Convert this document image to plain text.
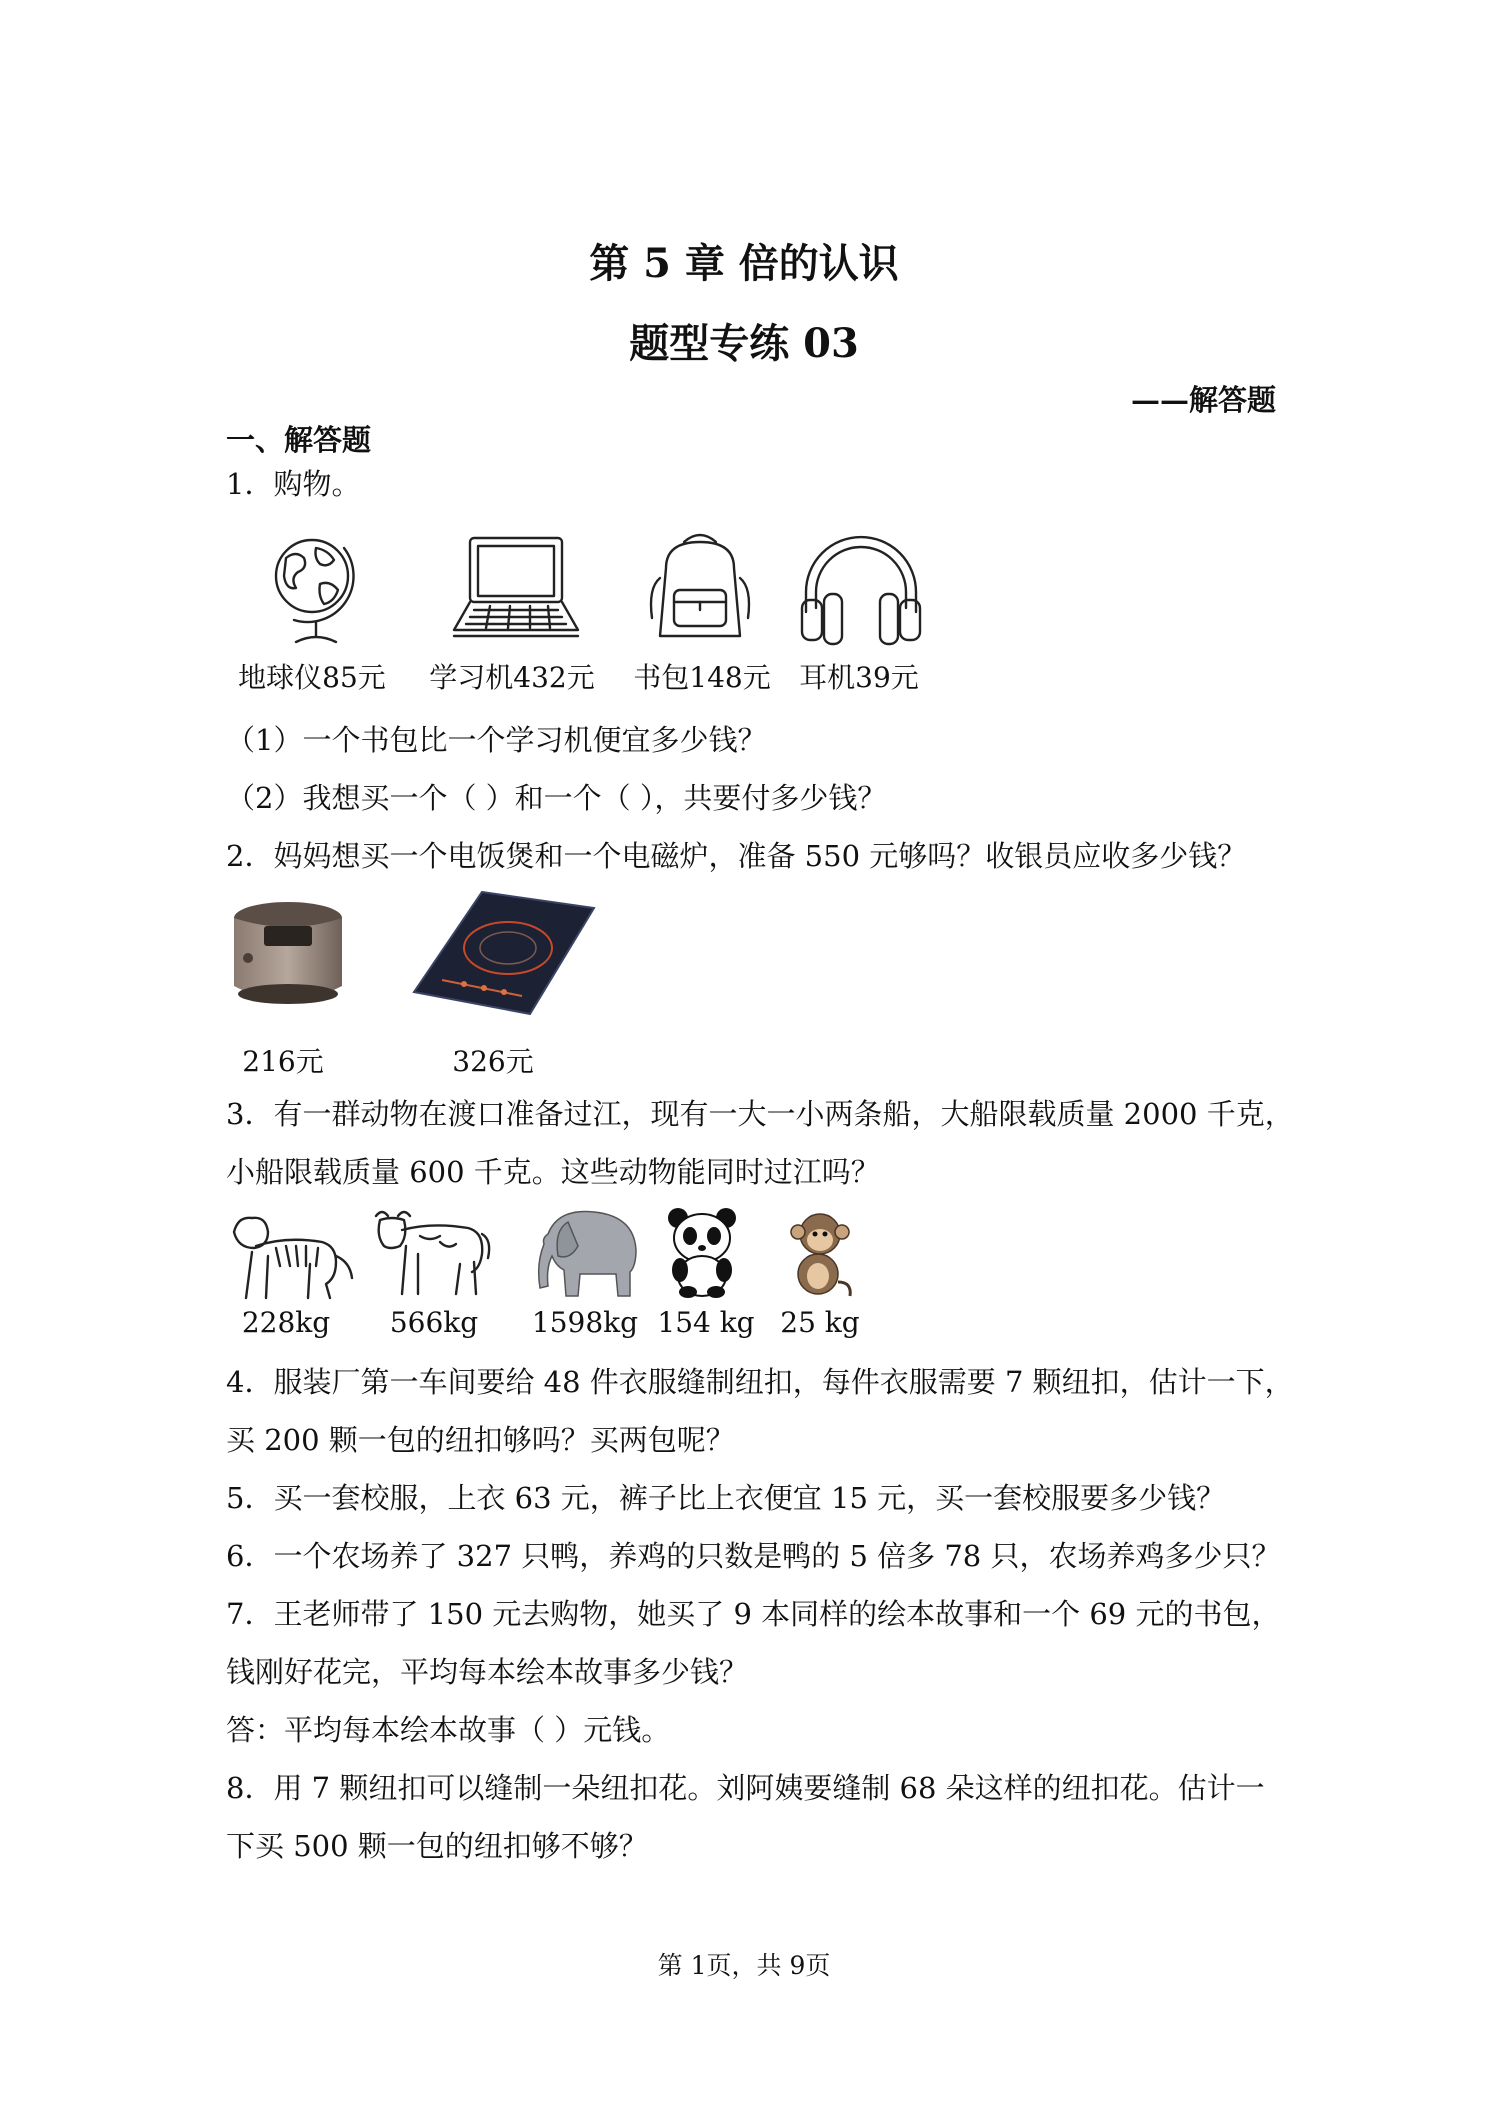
第 5 章 倍的认识
题型专练 03
——解答题
一、解答题
1．购物。
地球仪85元	学习机432元	书包148元	耳机39元
（1）一个书包比一个学习机便宜多少钱？
（2）我想买一个（ ）和一个（ ），共要付多少钱？
2．妈妈想买一个电饭煲和一个电磁炉，准备 550 元够吗？收银员应收多少钱？
216元	326元
3．有一群动物在渡口准备过江，现有一大一小两条船，大船限载质量 2000 千克，
小船限载质量 600 千克。这些动物能同时过江吗？
228kg	566kg	1598kg 154 kg 25 kg
4．服装厂第一车间要给 48 件衣服缝制纽扣，每件衣服需要 7 颗纽扣，估计一下，
买 200 颗一包的纽扣够吗？买两包呢？
5．买一套校服，上衣 63 元，裤子比上衣便宜 15 元，买一套校服要多少钱？
6．一个农场养了 327 只鸭，养鸡的只数是鸭的 5 倍多 78 只，农场养鸡多少只？
7．王老师带了 150 元去购物，她买了 9 本同样的绘本故事和一个 69 元的书包，
钱刚好花完，平均每本绘本故事多少钱？
答：平均每本绘本故事（ ）元钱。
8．用 7 颗纽扣可以缝制一朵纽扣花。刘阿姨要缝制 68 朵这样的纽扣花。估计一
下买 500 颗一包的纽扣够不够？
第 1页，共 9页
